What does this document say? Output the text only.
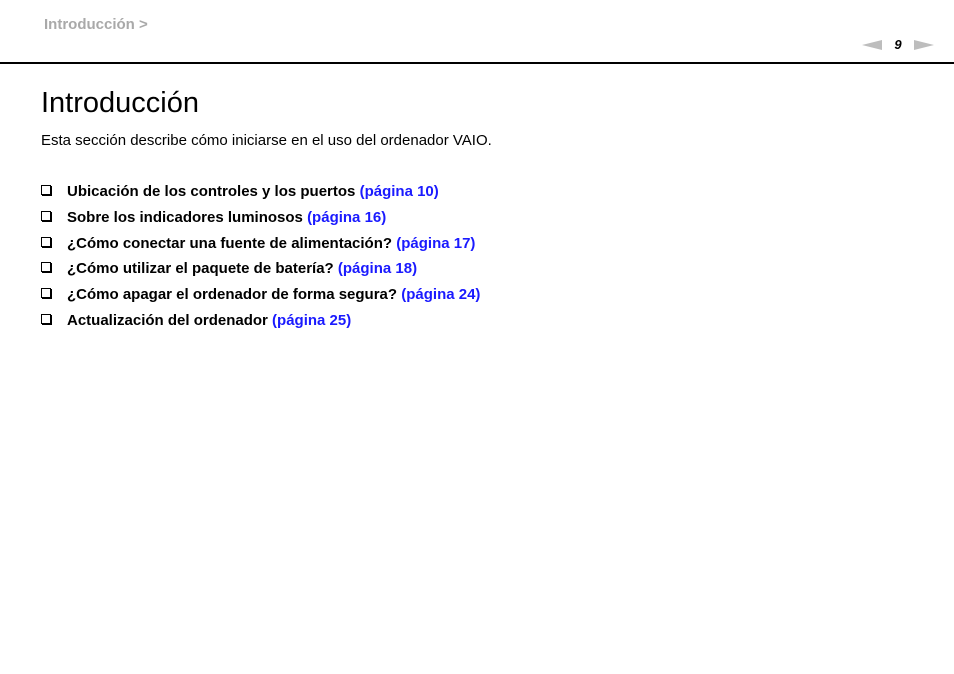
Introducción >
9
Introducción

Esta sección describe cómo iniciarse en el uso del ordenador VAIO.

Ubicación de los controles y los puertos (página 10)
Sobre los indicadores luminosos (página 16)
¿Cómo conectar una fuente de alimentación? (página 17)
¿Cómo utilizar el paquete de batería? (página 18)
¿Cómo apagar el ordenador de forma segura? (página 24)
Actualización del ordenador (página 25)
